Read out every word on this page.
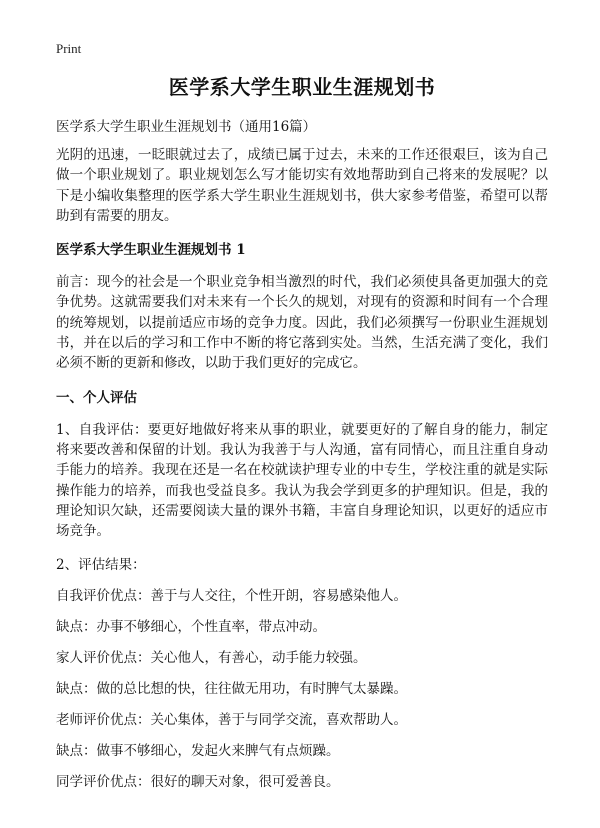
Print
医学系大学生职业生涯规划书
医学系大学生职业生涯规划书（通用16篇）

光阴的迅速，一眨眼就过去了，成绩已属于过去，未来的工作还很艰巨，该为自己做一个职业规划了。职业规划怎么写才能切实有效地帮助到自己将来的发展呢？以下是小编收集整理的医学系大学生职业生涯规划书，供大家参考借鉴，希望可以帮助到有需要的朋友。

医学系大学生职业生涯规划书 1

前言：现今的社会是一个职业竞争相当激烈的时代，我们必须使具备更加强大的竞争优势。这就需要我们对未来有一个长久的规划，对现有的资源和时间有一个合理的统筹规划，以提前适应市场的竞争力度。因此，我们必须撰写一份职业生涯规划书，并在以后的学习和工作中不断的将它落到实处。当然，生活充满了变化，我们必须不断的更新和修改，以助于我们更好的完成它。

一、个人评估

1、自我评估：要更好地做好将来从事的职业，就要更好的了解自身的能力，制定将来要改善和保留的计划。我认为我善于与人沟通，富有同情心，而且注重自身动手能力的培养。我现在还是一名在校就读护理专业的中专生，学校注重的就是实际操作能力的培养，而我也受益良多。我认为我会学到更多的护理知识。但是，我的理论知识欠缺，还需要阅读大量的课外书籍，丰富自身理论知识，以更好的适应市场竞争。

2、评估结果：
自我评价优点：善于与人交往，个性开朗，容易感染他人。
缺点：办事不够细心，个性直率，带点冲动。
家人评价优点：关心他人，有善心，动手能力较强。
缺点：做的总比想的快，往往做无用功，有时脾气太暴躁。
老师评价优点：关心集体，善于与同学交流，喜欢帮助人。
缺点：做事不够细心，发起火来脾气有点烦躁。
同学评价优点：很好的聊天对象，很可爱善良。
